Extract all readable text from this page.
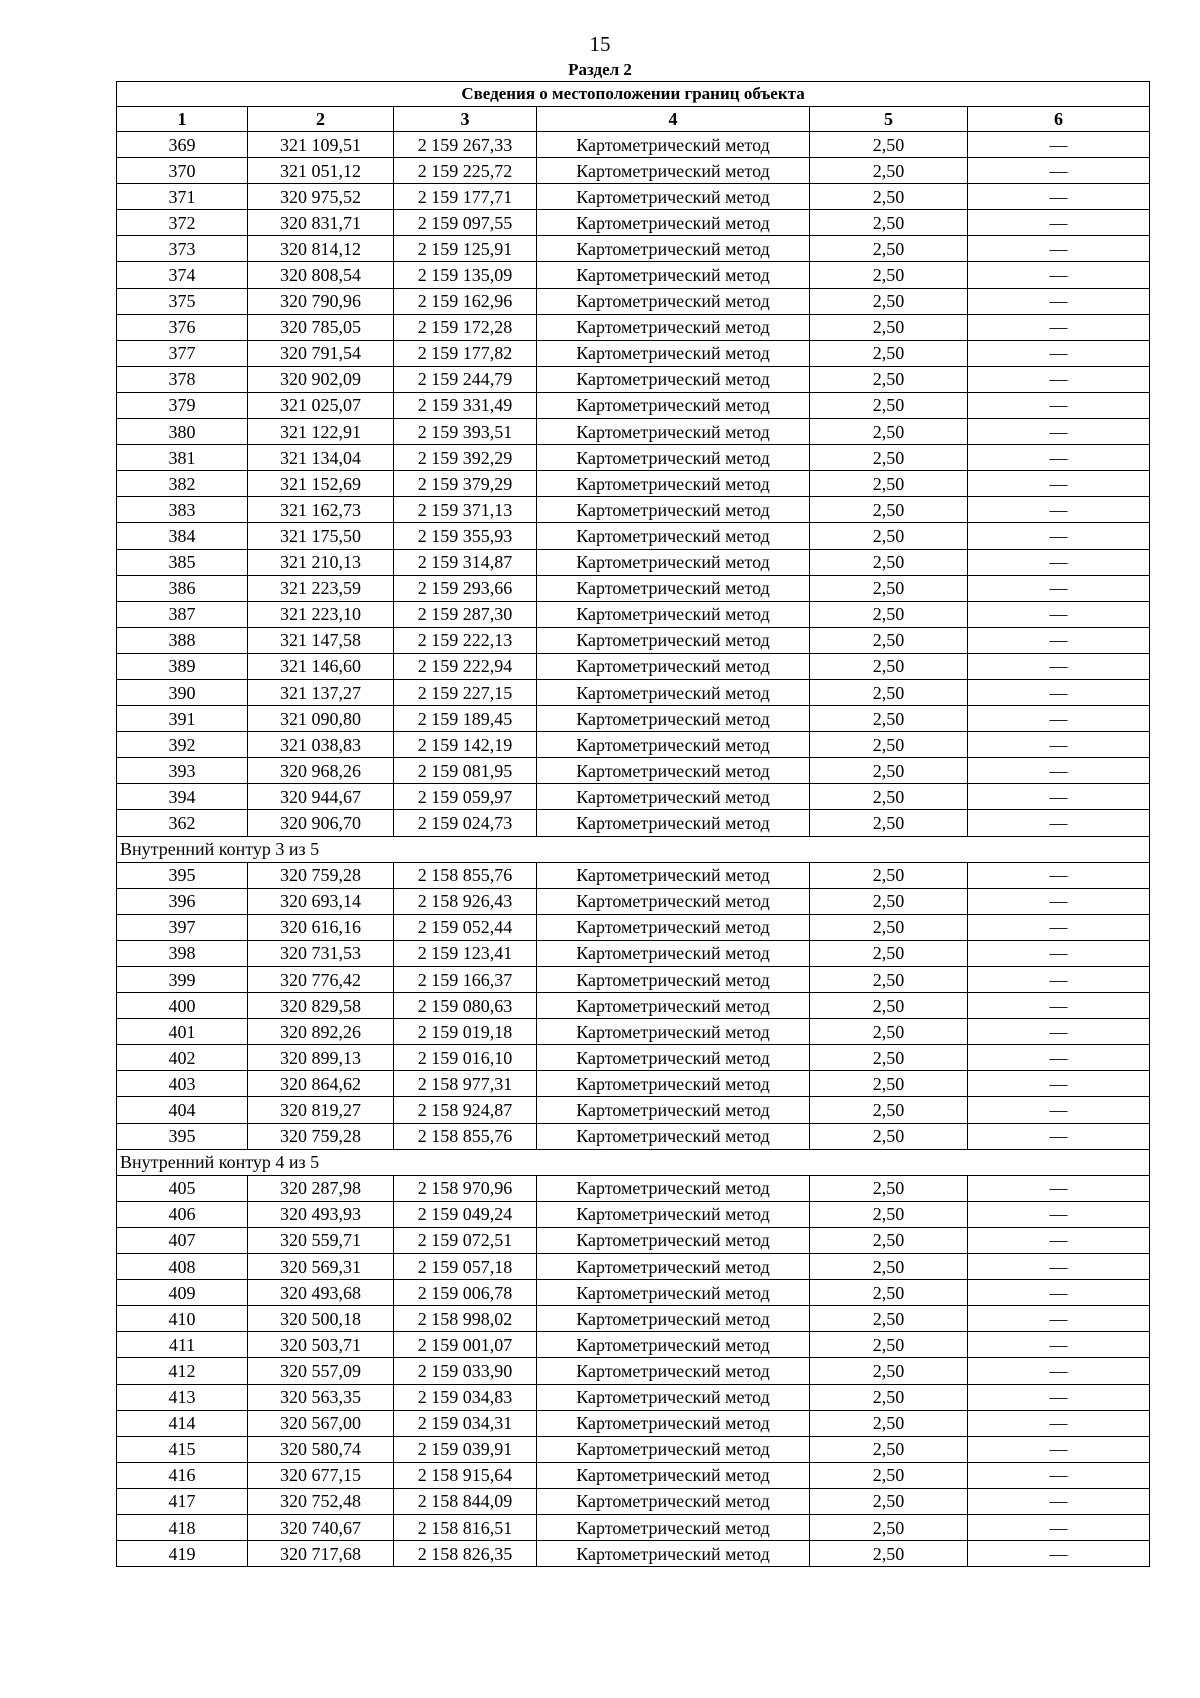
15
Раздел 2
Сведения о местоположении границ объекта					
1	2	3	4	5	6
369	321 109,51	2 159 267,33	Картометрический метод	2,50	—
370	321 051,12	2 159 225,72	Картометрический метод	2,50	—
371	320 975,52	2 159 177,71	Картометрический метод	2,50	—
372	320 831,71	2 159 097,55	Картометрический метод	2,50	—
373	320 814,12	2 159 125,91	Картометрический метод	2,50	—
374	320 808,54	2 159 135,09	Картометрический метод	2,50	—
375	320 790,96	2 159 162,96	Картометрический метод	2,50	—
376	320 785,05	2 159 172,28	Картометрический метод	2,50	—
377	320 791,54	2 159 177,82	Картометрический метод	2,50	—
378	320 902,09	2 159 244,79	Картометрический метод	2,50	—
379	321 025,07	2 159 331,49	Картометрический метод	2,50	—
380	321 122,91	2 159 393,51	Картометрический метод	2,50	—
381	321 134,04	2 159 392,29	Картометрический метод	2,50	—
382	321 152,69	2 159 379,29	Картометрический метод	2,50	—
383	321 162,73	2 159 371,13	Картометрический метод	2,50	—
384	321 175,50	2 159 355,93	Картометрический метод	2,50	—
385	321 210,13	2 159 314,87	Картометрический метод	2,50	—
386	321 223,59	2 159 293,66	Картометрический метод	2,50	—
387	321 223,10	2 159 287,30	Картометрический метод	2,50	—
388	321 147,58	2 159 222,13	Картометрический метод	2,50	—
389	321 146,60	2 159 222,94	Картометрический метод	2,50	—
390	321 137,27	2 159 227,15	Картометрический метод	2,50	—
391	321 090,80	2 159 189,45	Картометрический метод	2,50	—
392	321 038,83	2 159 142,19	Картометрический метод	2,50	—
393	320 968,26	2 159 081,95	Картометрический метод	2,50	—
394	320 944,67	2 159 059,97	Картометрический метод	2,50	—
362	320 906,70	2 159 024,73	Картометрический метод	2,50	—
Внутренний контур 3 из 5					
395	320 759,28	2 158 855,76	Картометрический метод	2,50	—
396	320 693,14	2 158 926,43	Картометрический метод	2,50	—
397	320 616,16	2 159 052,44	Картометрический метод	2,50	—
398	320 731,53	2 159 123,41	Картометрический метод	2,50	—
399	320 776,42	2 159 166,37	Картометрический метод	2,50	—
400	320 829,58	2 159 080,63	Картометрический метод	2,50	—
401	320 892,26	2 159 019,18	Картометрический метод	2,50	—
402	320 899,13	2 159 016,10	Картометрический метод	2,50	—
403	320 864,62	2 158 977,31	Картометрический метод	2,50	—
404	320 819,27	2 158 924,87	Картометрический метод	2,50	—
395	320 759,28	2 158 855,76	Картометрический метод	2,50	—
Внутренний контур 4 из 5					
405	320 287,98	2 158 970,96	Картометрический метод	2,50	—
406	320 493,93	2 159 049,24	Картометрический метод	2,50	—
407	320 559,71	2 159 072,51	Картометрический метод	2,50	—
408	320 569,31	2 159 057,18	Картометрический метод	2,50	—
409	320 493,68	2 159 006,78	Картометрический метод	2,50	—
410	320 500,18	2 158 998,02	Картометрический метод	2,50	—
411	320 503,71	2 159 001,07	Картометрический метод	2,50	—
412	320 557,09	2 159 033,90	Картометрический метод	2,50	—
413	320 563,35	2 159 034,83	Картометрический метод	2,50	—
414	320 567,00	2 159 034,31	Картометрический метод	2,50	—
415	320 580,74	2 159 039,91	Картометрический метод	2,50	—
416	320 677,15	2 158 915,64	Картометрический метод	2,50	—
417	320 752,48	2 158 844,09	Картометрический метод	2,50	—
418	320 740,67	2 158 816,51	Картометрический метод	2,50	—
419	320 717,68	2 158 826,35	Картометрический метод	2,50	—
